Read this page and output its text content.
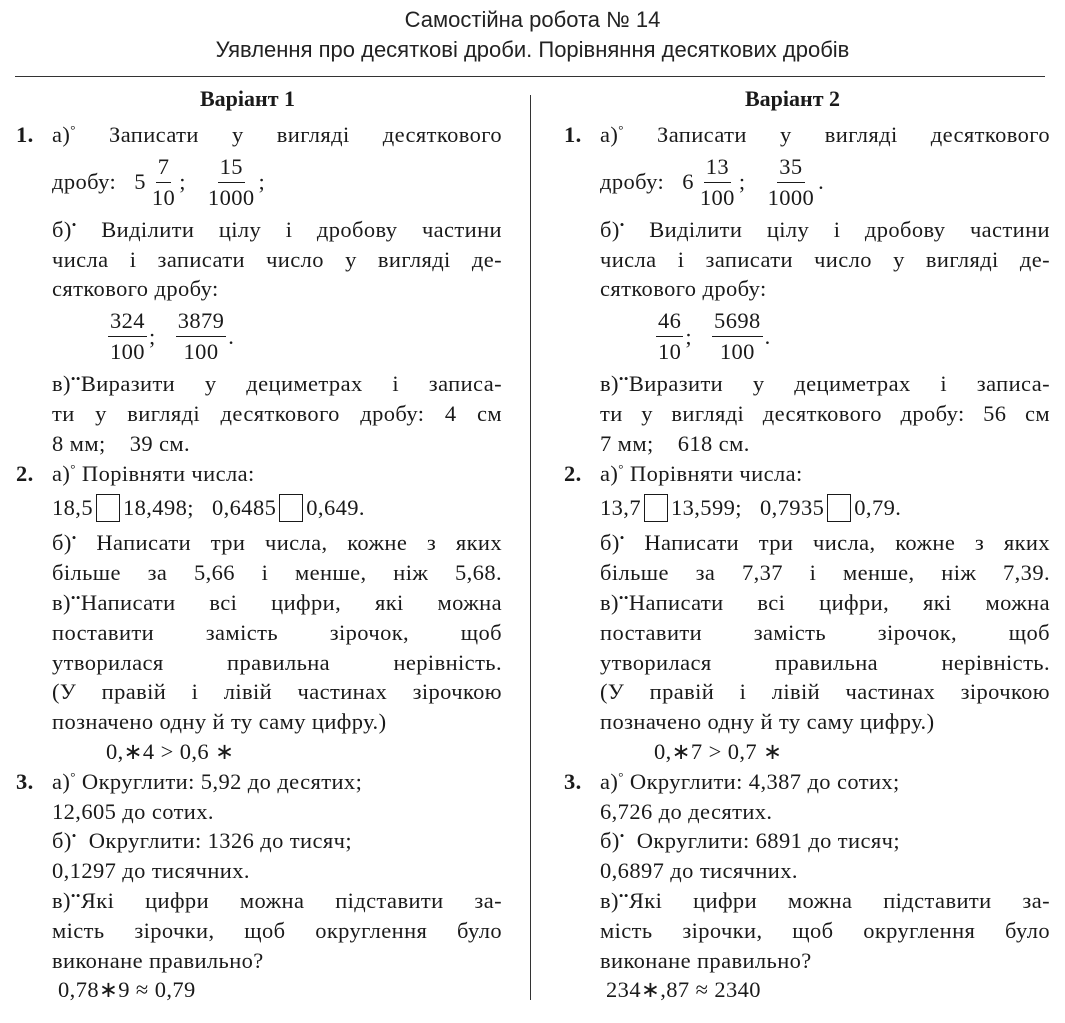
Самостійна робота № 14
Уявлення про десяткові дроби. Порівняння десяткових дробів
Варіант 1	Варіант 2
1. а)° Записати у вигляді десяткового
дробу: $5 \frac{7}{10}$ ; $\frac{15}{1000}$ ;
б)• Виділити цілу і дробову частини
числа і записати число у вигляді де-
сяткового дробу:
$\frac{324}{100}$ ; $\frac{3879}{100}$ .
в)••Виразити у дециметрах і записа-
ти у вигляді десяткового дробу: 4 см
8 мм;    39 см.
2. а)° Порівняти числа:
18,5 18,498;   0,6485 0,649.
б)• Написати три числа, кожне з яких
більше за 5,66 і менше, ніж 5,68.
в)••Написати всі цифри, які можна
поставити замість зірочок, щоб
утворилася правильна нерівність.
(У правій і лівій частинах зірочкою
позначено одну й ту саму цифру.)
0,∗4 > 0,6 ∗
3. а)° Округлити: 5,92 до десятих;
12,605 до сотих.
б)•  Округлити: 1326 до тисяч;
0,1297 до тисячних.
в)••Які цифри можна підставити за-
мість зірочки, щоб округлення було
виконане правильно?
0,78∗9 ≈ 0,79
1. а)° Записати у вигляді десяткового
дробу: $6 \frac{13}{100}$ ; $\frac{35}{1000}$ .
б)• Виділити цілу і дробову частини
числа і записати число у вигляді де-
сяткового дробу:
$\frac{46}{10}$ ; $\frac{5698}{100}$ .
в)••Виразити у дециметрах і записа-
ти у вигляді десяткового дробу: 56 см
7 мм;    618 см.
2. а)° Порівняти числа:
13,7 13,599;   0,7935 0,79.
б)• Написати три числа, кожне з яких
більше за 7,37 і менше, ніж 7,39.
в)••Написати всі цифри, які можна
поставити замість зірочок, щоб
утворилася правильна нерівність.
(У правій і лівій частинах зірочкою
позначено одну й ту саму цифру.)
0,∗7 > 0,7 ∗
3. а)° Округлити: 4,387 до сотих;
6,726 до десятих.
б)•  Округлити: 6891 до тисяч;
0,6897 до тисячних.
в)••Які цифри можна підставити за-
мість зірочки, щоб округлення було
виконане правильно?
234∗,87 ≈ 2340
